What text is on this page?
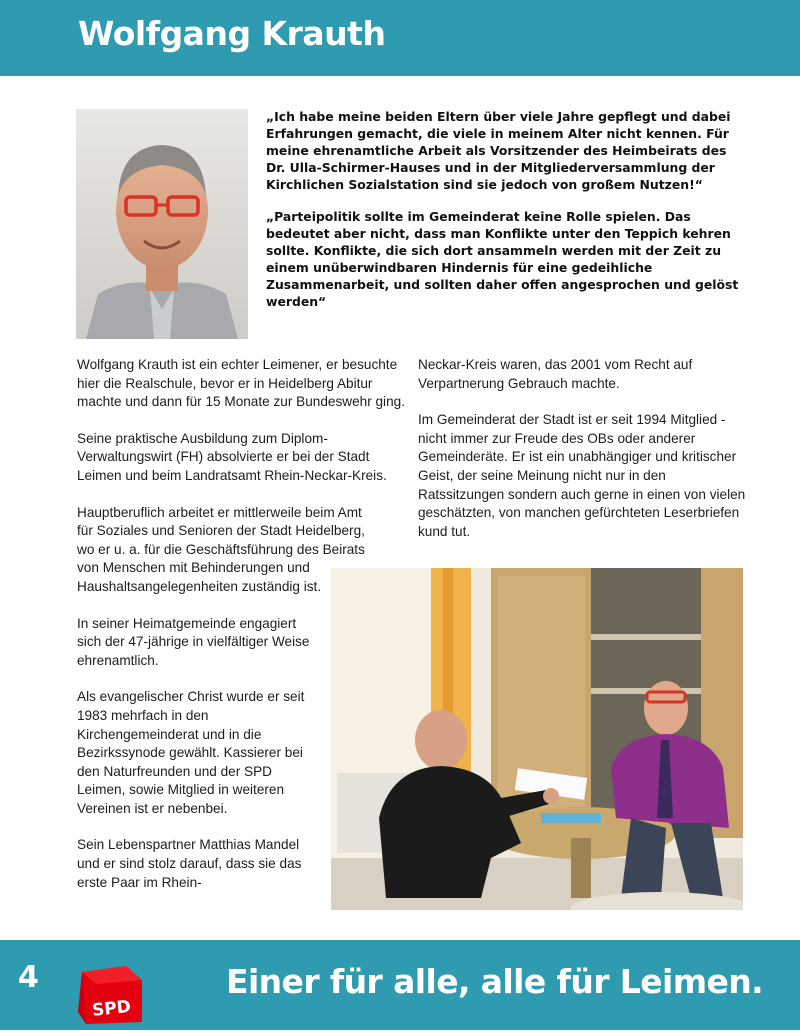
Wolfgang Krauth

„Ich habe meine beiden Eltern über viele Jahre gepflegt und dabei Erfahrungen gemacht, die viele in meinem Alter nicht kennen. Für meine ehrenamtliche Arbeit als Vorsitzender des Heimbeirats des Dr. Ulla-Schirmer-Hauses und in der Mitgliederversammlung der Kirchlichen Sozialstation sind sie jedoch von großem Nutzen!“

„Parteipolitik sollte im Gemeinderat keine Rolle spielen. Das bedeutet aber nicht, dass man Konflikte unter den Teppich kehren sollte. Konflikte, die sich dort ansammeln werden mit der Zeit zu einem unüberwindbaren Hindernis für eine gedeihliche Zusammenarbeit, und sollten daher offen angesprochen und gelöst werden“

Wolfgang Krauth ist ein echter Leimener, er besuchte hier die Realschule, bevor er in Heidelberg Abitur machte und dann für 15 Monate zur Bundeswehr ging.

Seine praktische Ausbildung zum Diplom-Verwaltungswirt (FH) absolvierte er bei der Stadt Leimen und beim Landratsamt Rhein-Neckar-Kreis.

Hauptberuflich arbeitet er mittlerweile beim Amt für Soziales und Senioren der Stadt Heidelberg, wo er u. a. für die Geschäftsführung des Beirats von Menschen mit Behinderungen und Haushaltsangelegenheiten zuständig ist.

In seiner Heimatgemeinde engagiert sich der 47-jährige in vielfältiger Weise ehrenamtlich.

Als evangelischer Christ wurde er seit 1983 mehrfach in den Kirchengemeinderat und in die Bezirkssynode gewählt. Kassierer bei den Naturfreunden und der SPD Leimen, sowie Mitglied in weiteren Vereinen ist er nebenbei.

Sein Lebenspartner Matthias Mandel und er sind stolz darauf, dass sie das erste Paar im Rhein-

Neckar-Kreis waren, das 2001 vom Recht auf Verpartnerung Gebrauch machte.

Im Gemeinderat der Stadt ist er seit 1994 Mitglied - nicht immer zur Freude des OBs oder anderer Gemeinderäte. Er ist ein unabhängiger und kritischer Geist, der seine Meinung nicht nur in den Ratssitzungen sondern auch gerne in einen von vielen geschätzten, von manchen gefürchteten Leserbriefen kund tut.

4	Einer für alle, alle für Leimen.
SPD
